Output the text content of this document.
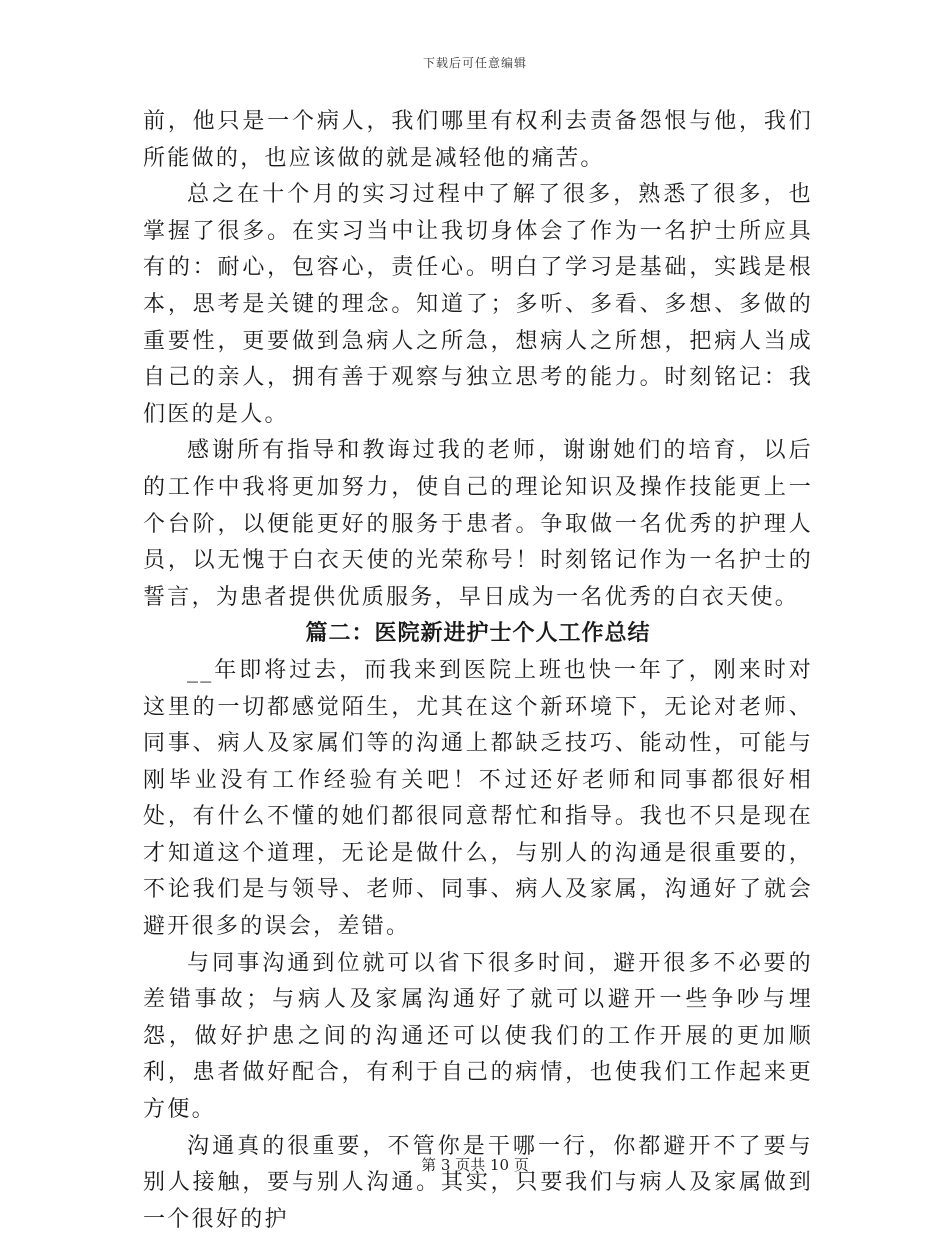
下载后可任意编辑

前，他只是一个病人，我们哪里有权利去责备怨恨与他，我们所能做的，也应该做的就是减轻他的痛苦。

总之在十个月的实习过程中了解了很多，熟悉了很多，也掌握了很多。在实习当中让我切身体会了作为一名护士所应具有的：耐心，包容心，责任心。明白了学习是基础，实践是根本，思考是关键的理念。知道了；多听、多看、多想、多做的重要性，更要做到急病人之所急，想病人之所想，把病人当成自己的亲人，拥有善于观察与独立思考的能力。时刻铭记：我们医的是人。

感谢所有指导和教诲过我的老师，谢谢她们的培育，以后的工作中我将更加努力，使自己的理论知识及操作技能更上一个台阶，以便能更好的服务于患者。争取做一名优秀的护理人员，以无愧于白衣天使的光荣称号！时刻铭记作为一名护士的誓言，为患者提供优质服务，早日成为一名优秀的白衣天使。

篇二：医院新进护士个人工作总结

__年即将过去，而我来到医院上班也快一年了，刚来时对这里的一切都感觉陌生，尤其在这个新环境下，无论对老师、同事、病人及家属们等的沟通上都缺乏技巧、能动性，可能与刚毕业没有工作经验有关吧！不过还好老师和同事都很好相处，有什么不懂的她们都很同意帮忙和指导。我也不只是现在才知道这个道理，无论是做什么，与别人的沟通是很重要的，不论我们是与领导、老师、同事、病人及家属，沟通好了就会避开很多的误会，差错。

与同事沟通到位就可以省下很多时间，避开很多不必要的差错事故；与病人及家属沟通好了就可以避开一些争吵与埋怨，做好护患之间的沟通还可以使我们的工作开展的更加顺利，患者做好配合，有利于自己的病情，也使我们工作起来更方便。

沟通真的很重要，不管你是干哪一行，你都避开不了要与别人接触，要与别人沟通。其实，只要我们与病人及家属做到一个很好的护

第 3 页共 10 页
